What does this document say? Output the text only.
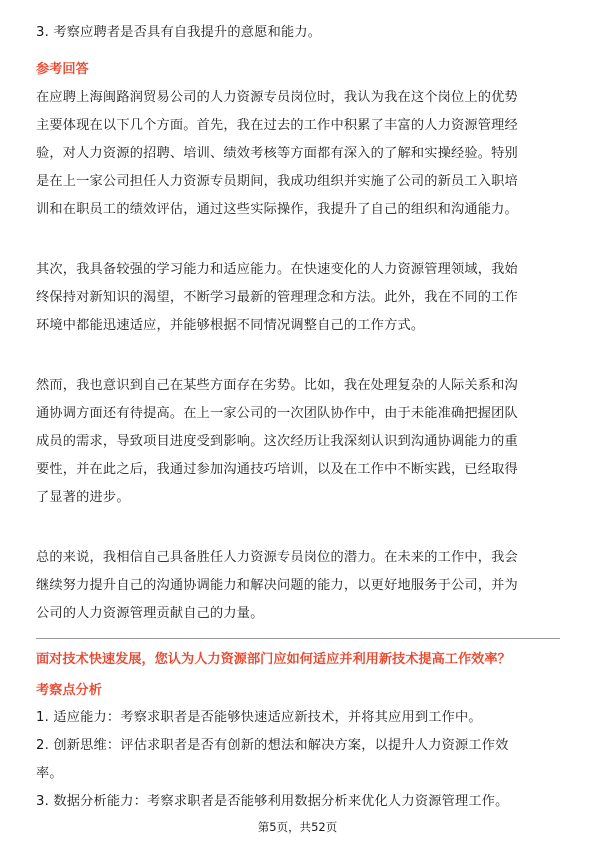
3. 考察应聘者是否具有自我提升的意愿和能力。
参考回答
在应聘上海闽路润贸易公司的人力资源专员岗位时，我认为我在这个岗位上的优势
主要体现在以下几个方面。首先，我在过去的工作中积累了丰富的人力资源管理经
验，对人力资源的招聘、培训、绩效考核等方面都有深入的了解和实操经验。特别
是在上一家公司担任人力资源专员期间，我成功组织并实施了公司的新员工入职培
训和在职员工的绩效评估，通过这些实际操作，我提升了自己的组织和沟通能力。
其次，我具备较强的学习能力和适应能力。在快速变化的人力资源管理领域，我始
终保持对新知识的渴望，不断学习最新的管理理念和方法。此外，我在不同的工作
环境中都能迅速适应，并能够根据不同情况调整自己的工作方式。
然而，我也意识到自己在某些方面存在劣势。比如，我在处理复杂的人际关系和沟
通协调方面还有待提高。在上一家公司的一次团队协作中，由于未能准确把握团队
成员的需求，导致项目进度受到影响。这次经历让我深刻认识到沟通协调能力的重
要性，并在此之后，我通过参加沟通技巧培训，以及在工作中不断实践，已经取得
了显著的进步。
总的来说，我相信自己具备胜任人力资源专员岗位的潜力。在未来的工作中，我会
继续努力提升自己的沟通协调能力和解决问题的能力，以更好地服务于公司，并为
公司的人力资源管理贡献自己的力量。
面对技术快速发展，您认为人力资源部门应如何适应并利用新技术提高工作效率？
考察点分析
1. 适应能力：考察求职者是否能够快速适应新技术，并将其应用到工作中。
2. 创新思维：评估求职者是否有创新的想法和解决方案，以提升人力资源工作效
率。
3. 数据分析能力：考察求职者是否能够利用数据分析来优化人力资源管理工作。
第5页，共52页
